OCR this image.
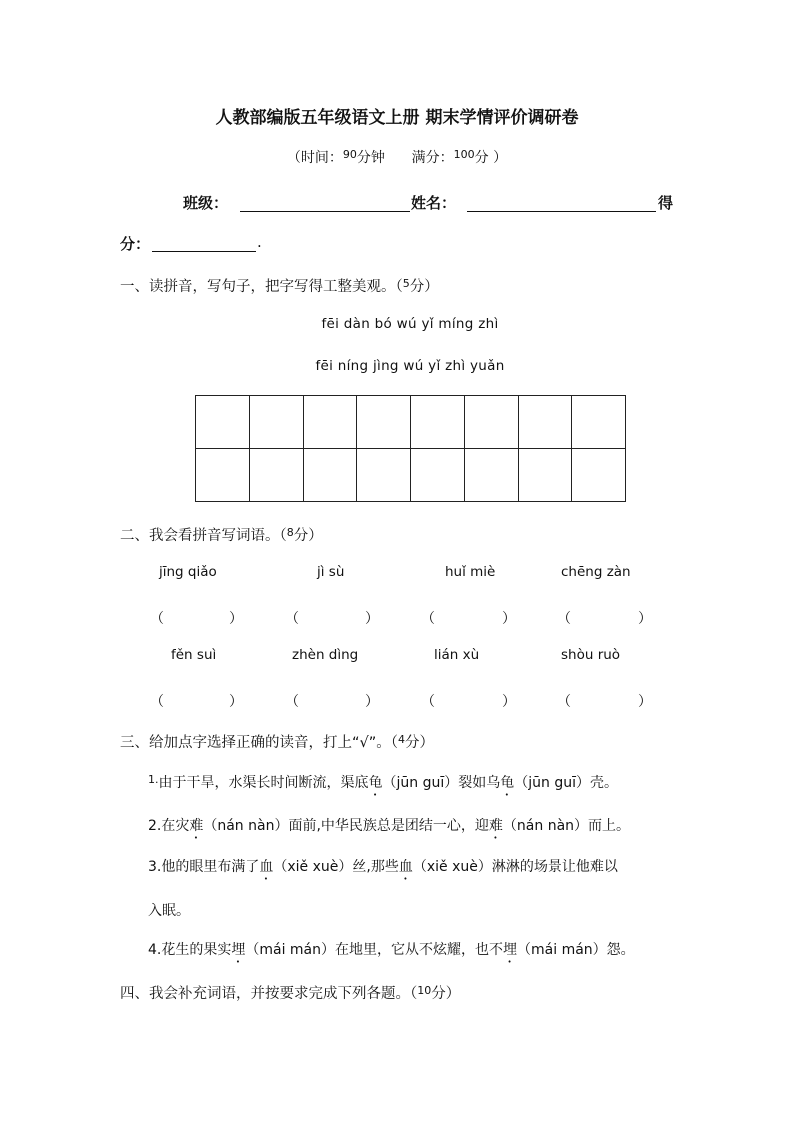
人教部编版五年级语文上册 期末学情评价调研卷
（时间：$^{90}$分钟 满分：$^{100}$分 ）
班级：	姓名：	得
分：	.
一、读拼音，写句子，把字写得工整美观。（$^5$分）
fēi dàn bó wú yǐ míng zhì
fēi níng jìng wú yǐ zhì yuǎn
二、我会看拼音写词语。（$^8$分）
jīng qiǎo	jì sù	huǐ miè	chēng zàn
（	）	（	）	（	）	（	）
fěn suì	zhèn dìng	lián xù	shòu ruò
（	）	（	）	（	）	（	）
三、给加点字选择正确的读音，打上“√”。（$^4$分）
$^{1.}$由于干旱，水渠长时间断流，渠底龟（jūn guī）裂如乌龟（jūn guī）壳。
2.在灾难（nán nàn）面前,中华民族总是团结一心，迎难（nán nàn）而上。
3.他的眼里布满了血（xiě xuè）丝,那些血（xiě xuè）淋淋的场景让他难以
入眠。
4.花生的果实埋（mái mán）在地里，它从不炫耀，也不埋（mái mán）怨。
四、我会补充词语，并按要求完成下列各题。（$^{10}$分）
